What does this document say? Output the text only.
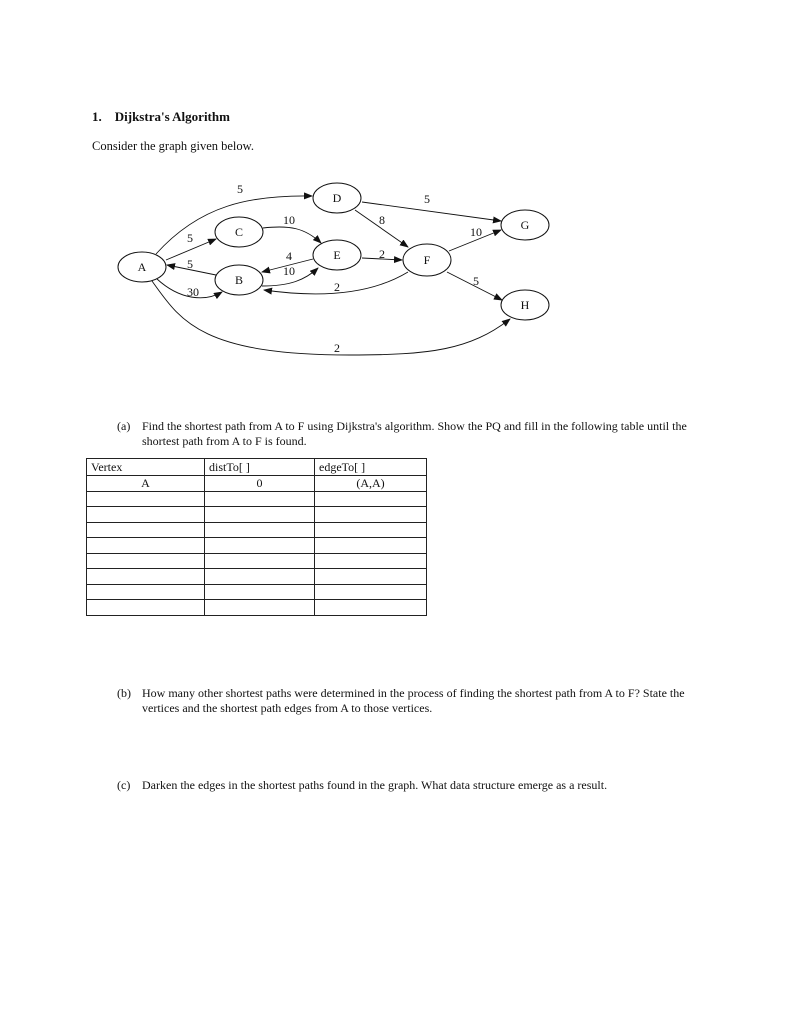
1. Dijkstra's Algorithm
Consider the graph given below.
A
B
C
D
E	F
G
H
5
5
5
30
2
10
4
10
2
8
5
2
10
5
(a) Find the shortest path from A to F using Dijkstra's algorithm. Show the PQ and fill in the following table until the shortest path from A to F is found.
Vertex	distTo[ ]	edgeTo[ ]
A	0	(A,A)

(b) How many other shortest paths were determined in the process of finding the shortest path from A to F? State the vertices and the shortest path edges from A to those vertices.
(c) Darken the edges in the shortest paths found in the graph. What data structure emerge as a result.
